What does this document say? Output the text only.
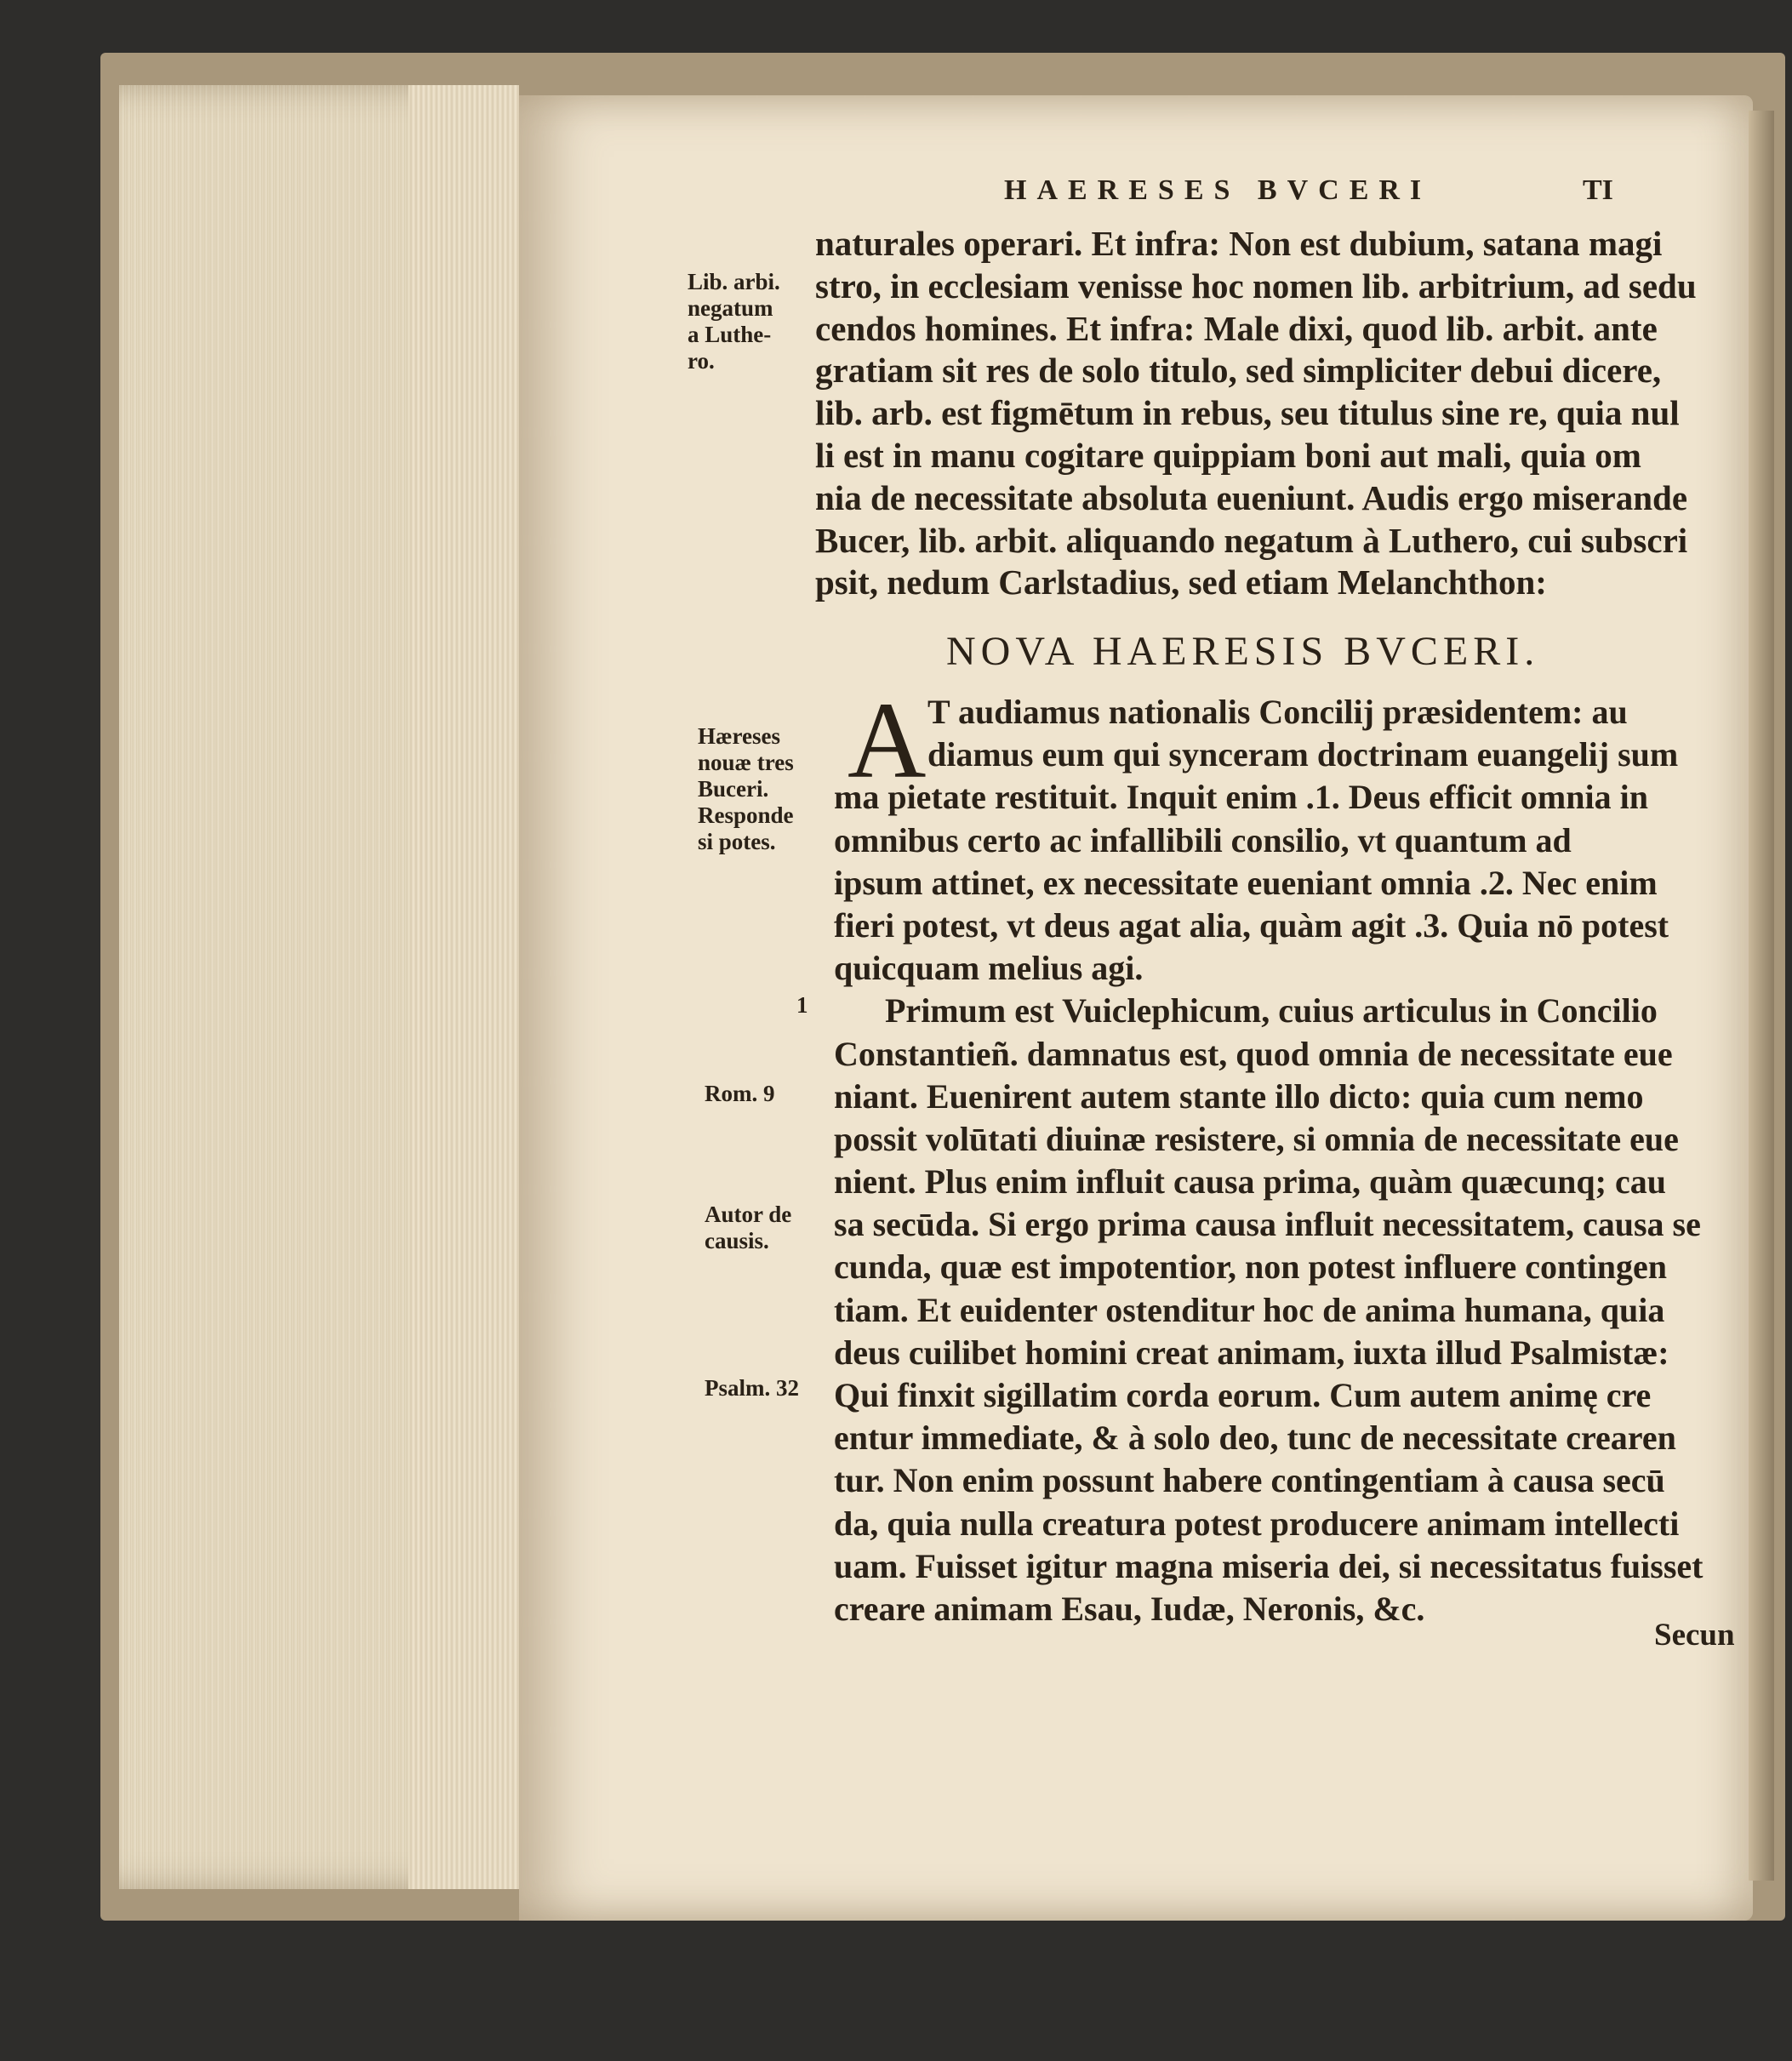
HAERESES BVCERI	TI
naturales operari. Et infra: Non est dubium, satana magi
stro, in ecclesiam venisse hoc nomen lib. arbitrium, ad sedu
cendos homines. Et infra: Male dixi, quod lib. arbit. ante
gratiam sit res de solo titulo, sed simpliciter debui dicere,
lib. arb. est figmētum in rebus, seu titulus sine re, quia nul
li est in manu cogitare quippiam boni aut mali, quia om
nia de necessitate absoluta eueniunt. Audis ergo miserande
Bucer, lib. arbit. aliquando negatum à Luthero, cui subscri
psit, nedum Carlstadius, sed etiam Melanchthon:
NOVA HAERESIS BVCERI.
A T audiamus nationalis Concilij præsidentem: au
diamus eum qui synceram doctrinam euangelij sum
ma pietate restituit. Inquit enim .1. Deus efficit omnia in
omnibus certo ac infallibili consilio, vt quantum ad
ipsum attinet, ex necessitate eueniant omnia .2. Nec enim
fieri potest, vt deus agat alia, quàm agit .3. Quia nō potest
quicquam melius agi.
Primum est Vuiclephicum, cuius articulus in Concilio
Constantieñ. damnatus est, quod omnia de necessitate eue
niant. Euenirent autem stante illo dicto: quia cum nemo
possit volūtati diuinæ resistere, si omnia de necessitate eue
nient. Plus enim influit causa prima, quàm quæcunq; cau
sa secūda. Si ergo prima causa influit necessitatem, causa se
cunda, quæ est impotentior, non potest influere contingen
tiam. Et euidenter ostenditur hoc de anima humana, quia
deus cuilibet homini creat animam, iuxta illud Psalmistæ:
Qui finxit sigillatim corda eorum. Cum autem animę cre
entur immediate, & à solo deo, tunc de necessitate crearen
tur. Non enim possunt habere contingentiam à causa secū
da, quia nulla creatura potest producere animam intellecti
uam. Fuisset igitur magna miseria dei, si necessitatus fuisset
creare animam Esau, Iudæ, Neronis, &c.
Secun
Lib. arbi.
negatum
a Luthe-
ro.
Hæreses
nouæ tres
Buceri.
Responde
si potes.
1
Rom. 9
Autor de
causis.
Psalm. 32
